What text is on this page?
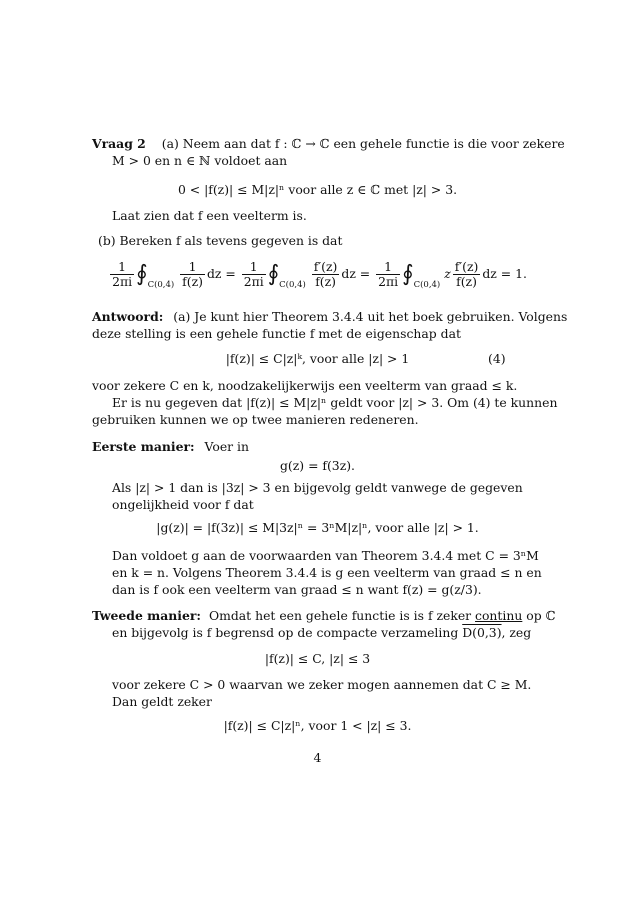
Vraag 2 (a) Neem aan dat f : ℂ → ℂ een gehele functie is die voor zekere
M > 0 en n ∈ ℕ voldoet aan
0 < |f(z)| ≤ M|z|ⁿ voor alle z ∈ ℂ met |z| > 3.
Laat zien dat f een veelterm is.
(b) Bereken f als tevens gegeven is dat
$\frac{1}{2\pi i}$ $∮_{C(0,4)} \frac{1}{f(z)}$ dz = $\frac{1}{2\pi i}$ $∮_{C(0,4)} \frac{f'(z)}{f(z)}$ dz = $\frac{1}{2\pi i}$ $∮_{C(0,4)}$ z $\frac{f'(z)}{f(z)}$ dz = 1.
Antwoord: (a) Je kunt hier Theorem 3.4.4 uit het boek gebruiken. Volgens
deze stelling is een gehele functie f met de eigenschap dat
|f(z)| ≤ C|z|ᵏ, voor alle |z| > 1	(4)
voor zekere C en k, noodzakelijkerwijs een veelterm van graad ≤ k.
Er is nu gegeven dat |f(z)| ≤ M|z|ⁿ geldt voor |z| > 3. Om (4) te kunnen
gebruiken kunnen we op twee manieren redeneren.
Eerste manier: Voer in
g(z) = f(3z).
Als |z| > 1 dan is |3z| > 3 en bijgevolg geldt vanwege de gegeven
ongelijkheid voor f dat
|g(z)| = |f(3z)| ≤ M|3z|ⁿ = 3ⁿM|z|ⁿ, voor alle |z| > 1.
Dan voldoet g aan de voorwaarden van Theorem 3.4.4 met C = 3ⁿM
en k = n. Volgens Theorem 3.4.4 is g een veelterm van graad ≤ n en
dan is f ook een veelterm van graad ≤ n want f(z) = g(z/3).
Tweede manier: Omdat het een gehele functie is is f zeker continu op ℂ
en bijgevolg is f begrensd op de compacte verzameling D(0,3), zeg
|f(z)| ≤ C, |z| ≤ 3
voor zekere C > 0 waarvan we zeker mogen aannemen dat C ≥ M.
Dan geldt zeker
|f(z)| ≤ C|z|ⁿ, voor 1 < |z| ≤ 3.
4
